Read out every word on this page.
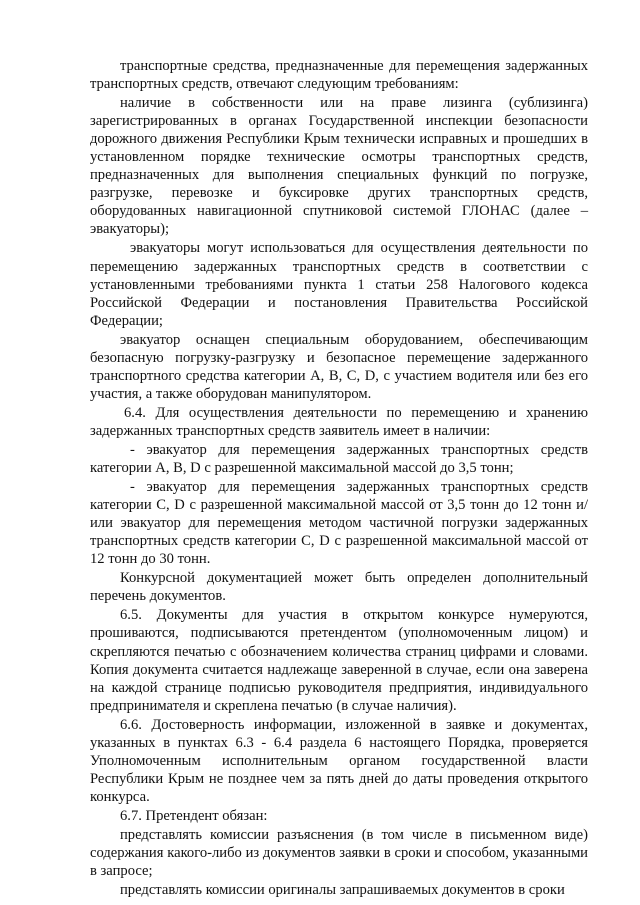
транспортные средства, предназначенные для перемещения задержанных транспортных средств, отвечают следующим требованиям:

наличие в собственности или на праве лизинга (сублизинга) зарегистрированных в органах Государственной инспекции безопасности дорожного движения Республики Крым технически исправных и прошедших в установленном порядке технические осмотры транспортных средств, предназначенных для выполнения специальных функций по погрузке, разгрузке, перевозке и буксировке других транспортных средств, оборудованных навигационной спутниковой системой ГЛОНАС (далее – эвакуаторы);

эвакуаторы могут использоваться для осуществления деятельности по перемещению задержанных транспортных средств в соответствии с установленными требованиями пункта 1 статьи 258 Налогового кодекса Российской Федерации и постановления Правительства Российской Федерации;

эвакуатор оснащен специальным оборудованием, обеспечивающим безопасную погрузку-разгрузку и безопасное перемещение задержанного транспортного средства категории А, В, С, D, с участием водителя или без его участия, а также оборудован манипулятором.

6.4. Для осуществления деятельности по перемещению и хранению задержанных транспортных средств заявитель имеет в наличии:

- эвакуатор для перемещения задержанных транспортных средств категории А, В, D с разрешенной максимальной массой до 3,5 тонн;

- эвакуатор для перемещения задержанных транспортных средств категории С, D с разрешенной максимальной массой от 3,5 тонн до 12 тонн и/или эвакуатор для перемещения методом частичной погрузки задержанных транспортных средств категории С, D с разрешенной максимальной массой от 12 тонн до 30 тонн.

Конкурсной документацией может быть определен дополнительный перечень документов.

6.5. Документы для участия в открытом конкурсе нумеруются, прошиваются, подписываются претендентом (уполномоченным лицом) и скрепляются печатью с обозначением количества страниц цифрами и словами. Копия документа считается надлежаще заверенной в случае, если она заверена на каждой странице подписью руководителя предприятия, индивидуального предпринимателя и скреплена печатью (в случае наличия).

6.6. Достоверность информации, изложенной в заявке и документах, указанных в пунктах 6.3 - 6.4 раздела 6 настоящего Порядка, проверяется Уполномоченным исполнительным органом государственной власти Республики Крым не позднее чем за пять дней до даты проведения открытого конкурса.

6.7. Претендент обязан:

представлять комиссии разъяснения (в том числе в письменном виде) содержания какого-либо из документов заявки в сроки и способом, указанными в запросе;

представлять комиссии оригиналы запрашиваемых документов в сроки
